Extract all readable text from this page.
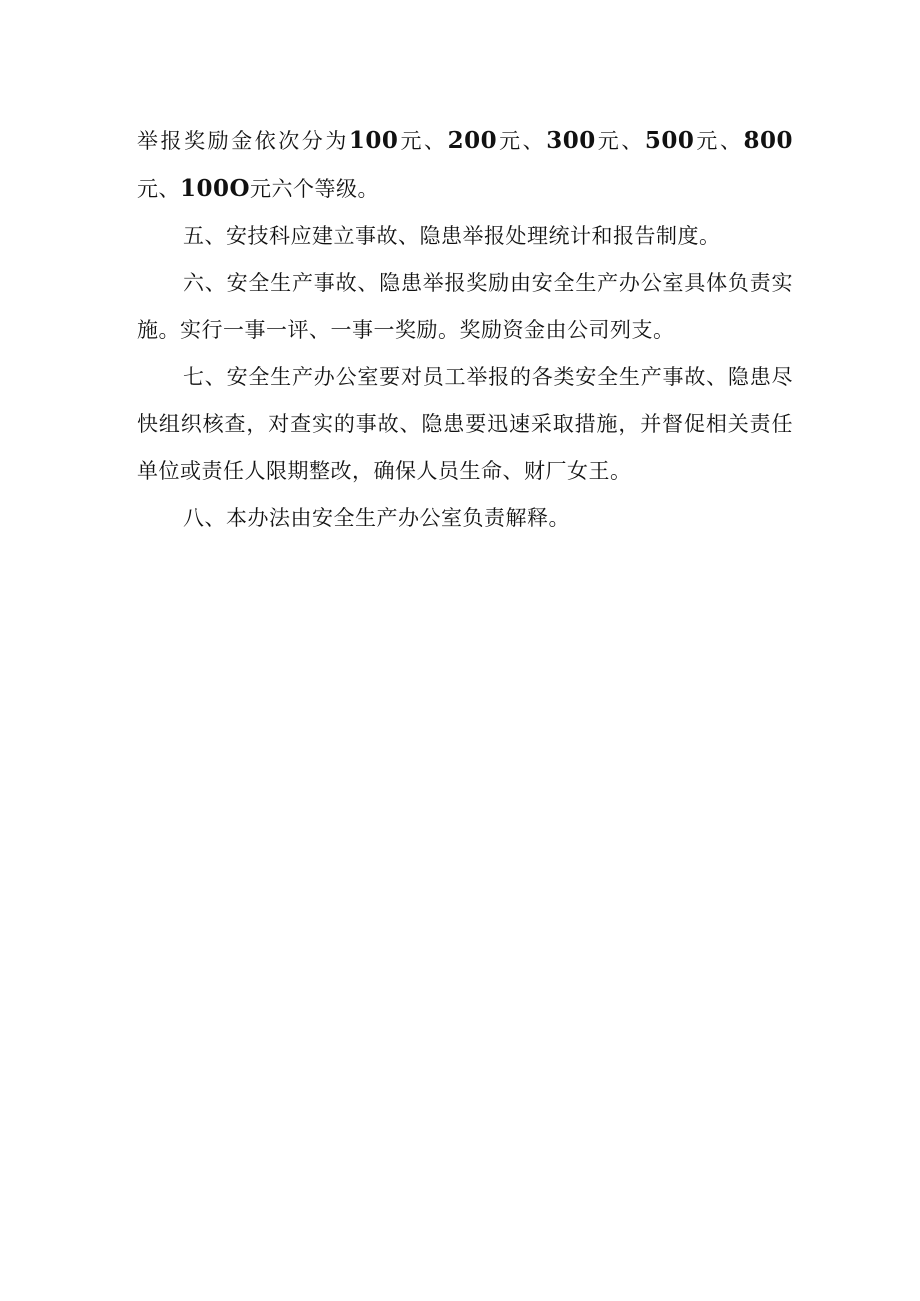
举报奖励金依次分为100元、200元、300元、500元、800元、100O元六个等级。

五、安技科应建立事故、隐患举报处理统计和报告制度。

六、安全生产事故、隐患举报奖励由安全生产办公室具体负责实施。实行一事一评、一事一奖励。奖励资金由公司列支。

七、安全生产办公室要对员工举报的各类安全生产事故、隐患尽快组织核查，对查实的事故、隐患要迅速采取措施，并督促相关责任单位或责任人限期整改，确保人员生命、财厂女王。

八、本办法由安全生产办公室负责解释。
